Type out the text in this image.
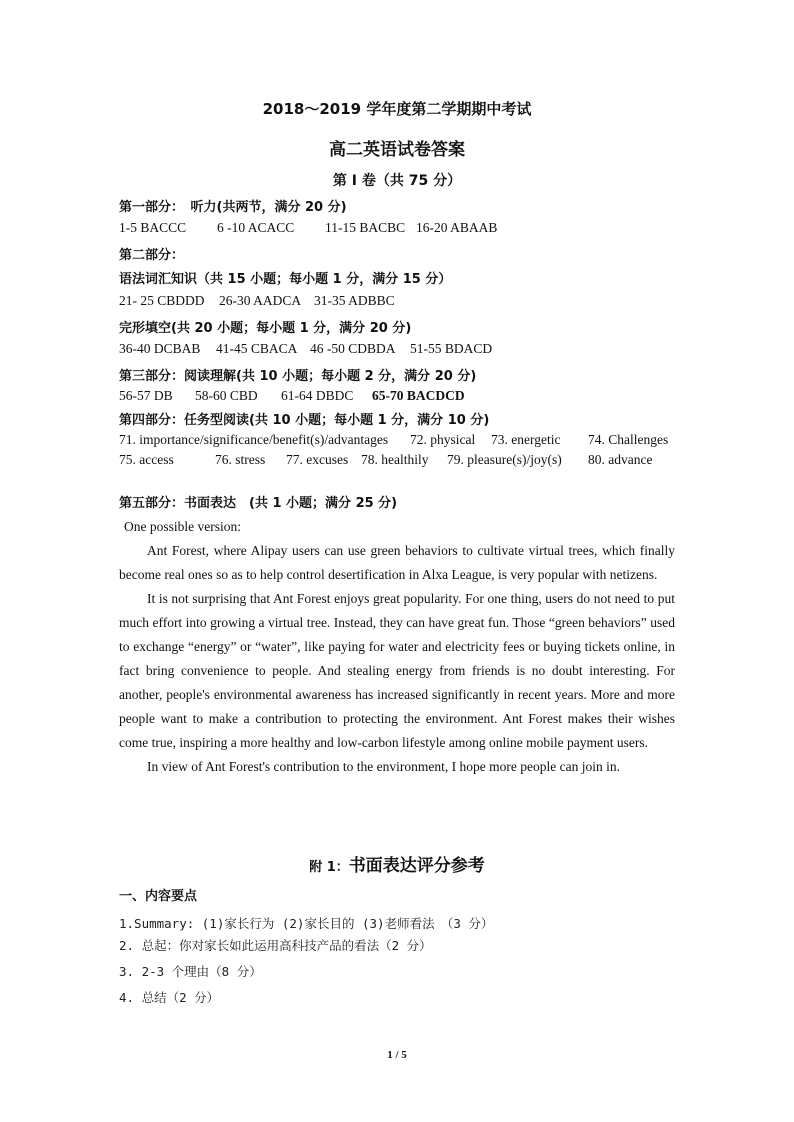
2018～2019 学年度第二学期期中考试
高二英语试卷答案
第 I 卷（共 75 分）
第一部分：　听力(共两节，满分 20 分)
1-5 BACCC 6 -10 ACACC 11-15 BACBC 16-20 ABAAB
第二部分：
语法词汇知识（共 15 小题；每小题 1 分，满分 15 分）
21- 25 CBDDD 26-30 AADCA 31-35 ADBBC
完形填空(共 20 小题；每小题 1 分，满分 20 分)
36-40 DCBAB 41-45 CBACA 46 -50 CDBDA 51-55 BDACD
第三部分：阅读理解(共 10 小题；每小题 2 分，满分 20 分)
56-57 DB 58-60 CBD 61-64 DBDC 65-70 BACDCD
第四部分：任务型阅读(共 10 小题；每小题 1 分，满分 10 分)
71. importance/significance/benefit(s)/advantages 72. physical 73. energetic 74. Challenges
75. access	76. stress 77. excuses 78. healthily 79. pleasure(s)/joy(s) 80. advance
第五部分：书面表达　(共 1 小题；满分 25 分)
One possible version:

Ant Forest, where Alipay users can use green behaviors to cultivate virtual trees, which finally become real ones so as to help control desertification in Alxa League, is very popular with netizens.

It is not surprising that Ant Forest enjoys great popularity. For one thing, users do not need to put much effort into growing a virtual tree. Instead, they can have great fun. Those “green behaviors” used to exchange “energy” or “water”, like paying for water and electricity fees or buying tickets online, in fact bring convenience to people. And stealing energy from friends is no doubt interesting. For another, people's environmental awareness has increased significantly in recent years. More and more people want to make a contribution to protecting the environment. Ant Forest makes their wishes come true, inspiring a more healthy and low-carbon lifestyle among online mobile payment users.

In view of Ant Forest's contribution to the environment, I hope more people can join in.

附 1：书面表达评分参考
一、内容要点
1.Summary: (1)家长行为 (2)家长目的 (3)老师看法　（3 分）
2. 总起：你对家长如此运用高科技产品的看法（2 分）
3. 2-3 个理由（8 分）
4. 总结（2 分）
1 / 5
